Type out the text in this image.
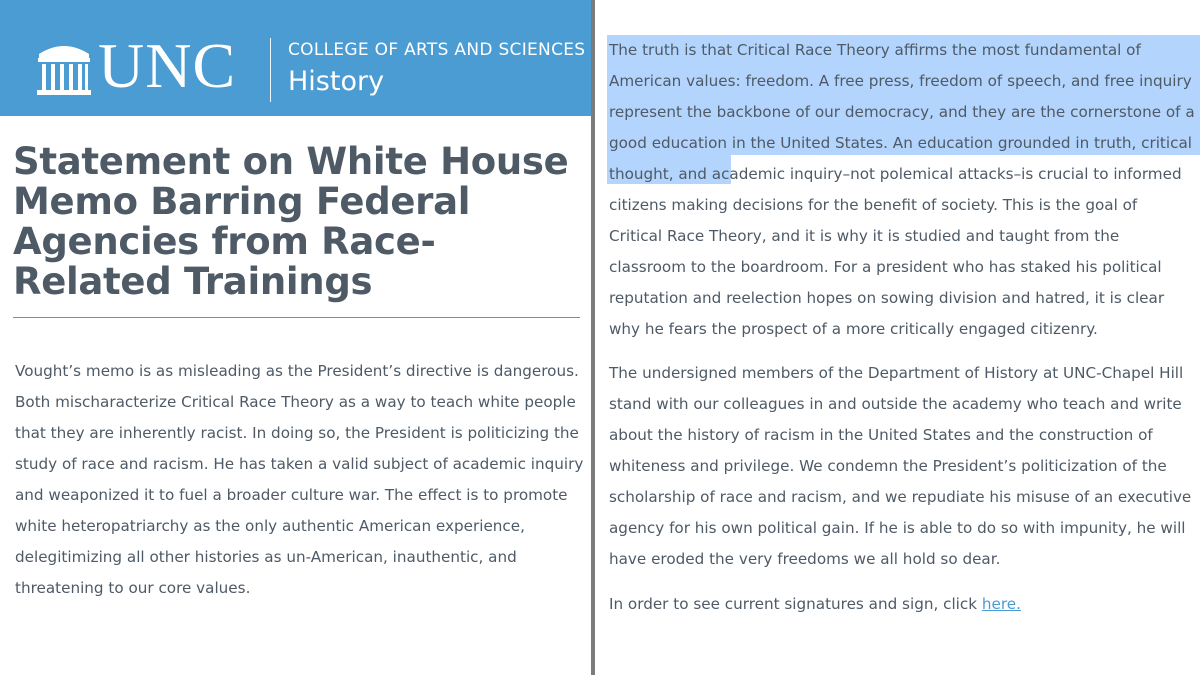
UNC	COLLEGE OF ARTS AND SCIENCES
History
Statement on White House Memo Barring Federal Agencies from Race-Related Trainings

Vought’s memo is as misleading as the President’s directive is dangerous. Both mischaracterize Critical Race Theory as a way to teach white people that they are inherently racist. In doing so, the President is politicizing the study of race and racism. He has taken a valid subject of academic inquiry and weaponized it to fuel a broader culture war. The effect is to promote white heteropatriarchy as the only authentic American experience, delegitimizing all other histories as un-American, inauthentic, and threatening to our core values.

The truth is that Critical Race Theory affirms the most fundamental of American values: freedom. A free press, freedom of speech, and free inquiry represent the backbone of our democracy, and they are the cornerstone of a good education in the United States. An education grounded in truth, critical thought, and academic inquiry–not polemical attacks–is crucial to informed citizens making decisions for the benefit of society. This is the goal of Critical Race Theory, and it is why it is studied and taught from the classroom to the boardroom. For a president who has staked his political reputation and reelection hopes on sowing division and hatred, it is clear why he fears the prospect of a more critically engaged citizenry.

The undersigned members of the Department of History at UNC-Chapel Hill stand with our colleagues in and outside the academy who teach and write about the history of racism in the United States and the construction of whiteness and privilege. We condemn the President’s politicization of the scholarship of race and racism, and we repudiate his misuse of an executive agency for his own political gain. If he is able to do so with impunity, he will have eroded the very freedoms we all hold so dear.

In order to see current signatures and sign, click here.
